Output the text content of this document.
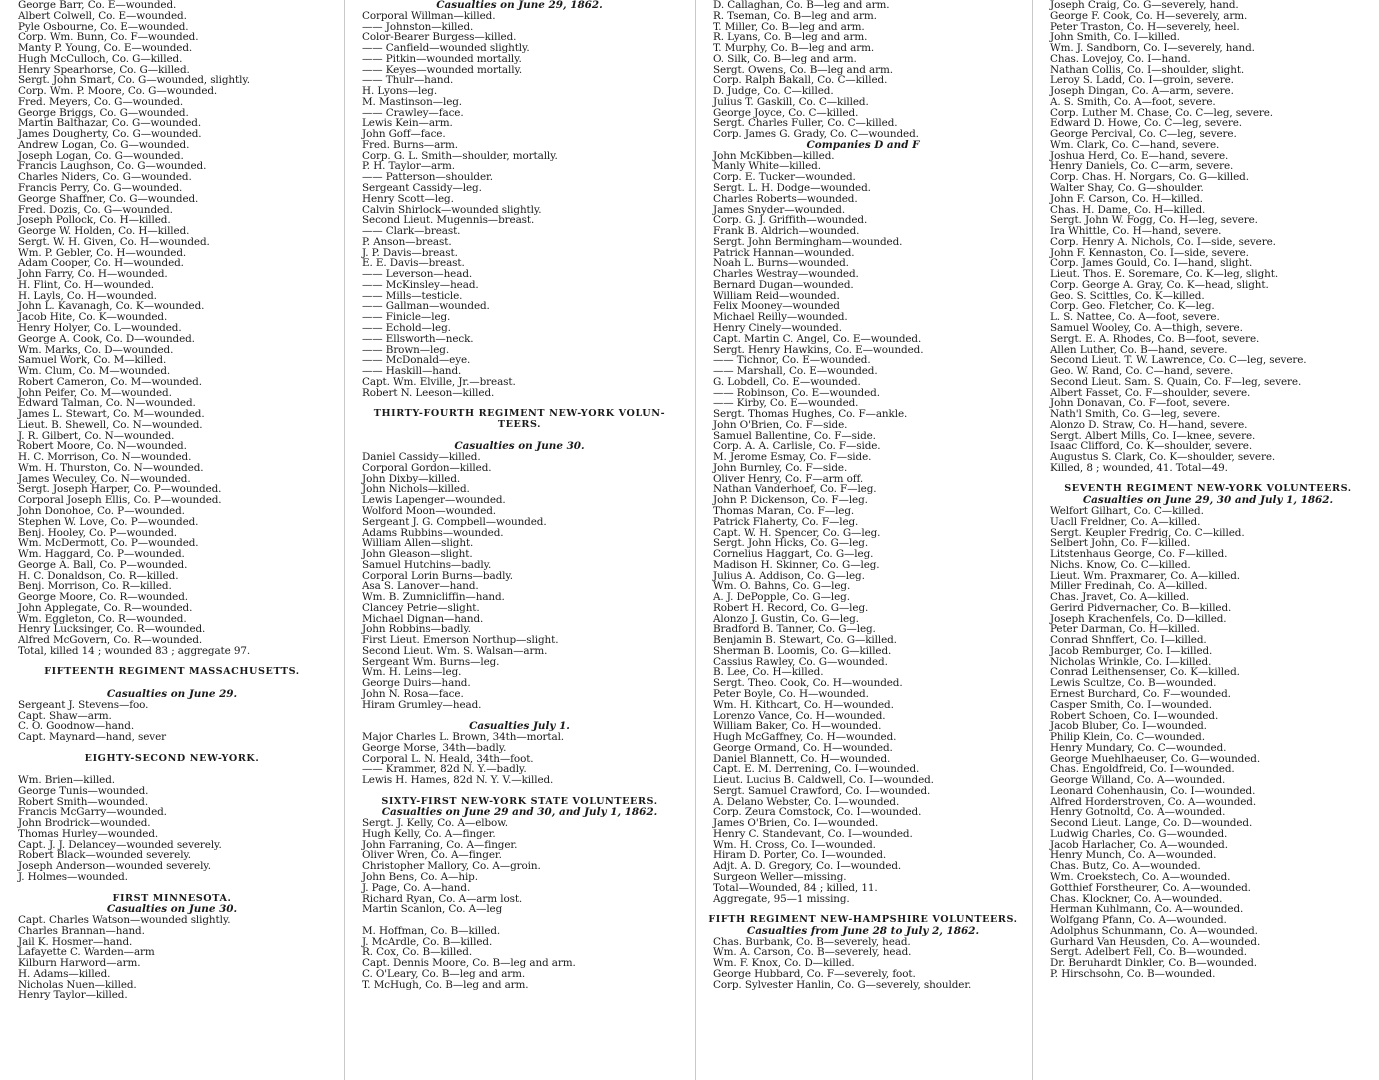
George Barr, Co. E—wounded.
Albert Colwell, Co. E—wounded.
Pyle Osbourne, Co. E—wounded.
Corp. Wm. Bunn, Co. F—wounded.
Manty P. Young, Co. E—wounded.
Hugh McCulloch, Co. G—killed.
Henry Spearhorse, Co. G—killed.
Sergt. John Smart, Co. G—wounded, slightly.
Corp. Wm. P. Moore, Co. G—wounded.
Fred. Meyers, Co. G—wounded.
George Briggs, Co. G—wounded.
Martin Balthazar, Co. G—wounded.
James Dougherty, Co. G—wounded.
Andrew Logan, Co. G—wounded.
Joseph Logan, Co. G—wounded.
Francis Laughson, Co. G—wounded.
Charles Niders, Co. G—wounded.
Francis Perry, Co. G—wounded.
George Shaffner, Co. G—wounded.
Fred. Dozis, Co. G—wounded.
Joseph Pollock, Co. H—killed.
George W. Holden, Co. H—killed.
Sergt. W. H. Given, Co. H—wounded.
Wm. P. Gebler, Co. H—wounded.
Adam Cooper, Co. H—wounded.
John Farry, Co. H—wounded.
H. Flint, Co. H—wounded.
H. Layls, Co. H—wounded.
John L. Kavanagh, Co. K—wounded.
Jacob Hite, Co. K—wounded.
Henry Holyer, Co. L—wounded.
George A. Cook, Co. D—wounded.
Wm. Marks, Co. D—wounded.
Samuel Work, Co. M—killed.
Wm. Clum, Co. M—wounded.
Robert Cameron, Co. M—wounded.
John Peifer, Co. M—wounded.
Edward Talman, Co. N—wounded.
James L. Stewart, Co. M—wounded.
Lieut. B. Shewell, Co. N—wounded.
J. R. Gilbert, Co. N—wounded.
Robert Moore, Co. N—wounded.
H. C. Morrison, Co. N—wounded.
Wm. H. Thurston, Co. N—wounded.
James Weculey, Co. N—wounded.
Sergt. Joseph Harper, Co. P—wounded.
Corporal Joseph Ellis, Co. P—wounded.
John Donohoe, Co. P—wounded.
Stephen W. Love, Co. P—wounded.
Benj. Hooley, Co. P—wounded.
Wm. McDermott, Co. P—wounded.
Wm. Haggard, Co. P—wounded.
George A. Ball, Co. P—wounded.
H. C. Donaldson, Co. R—killed.
Benj. Morrison, Co. R—killed.
George Moore, Co. R—wounded.
John Applegate, Co. R—wounded.
Wm. Eggleton, Co. R—wounded.
Henry Lucksinger, Co. R—wounded.
Alfred McGovern, Co. R—wounded.
Total, killed 14 ; wounded 83 ; aggregate 97.
FIFTEENTH REGIMENT MASSACHUSETTS.
Casualties on June 29.
Sergeant J. Stevens—foo.
Capt. Shaw—arm.
C. O. Goodnow—hand.
Capt. Maynard—hand, sever
EIGHTY-SECOND NEW-YORK.
Wm. Brien—killed.
George Tunis—wounded.
Robert Smith—wounded.
Francis McGarry—wounded.
John Brodrick—wounded.
Thomas Hurley—wounded.
Capt. J. J. Delancey—wounded severely.
Robert Black—wounded severely.
Joseph Anderson—wounded severely.
J. Holmes—wounded.
FIRST MINNESOTA.
Casualties on June 30.
Capt. Charles Watson—wounded slightly.
Charles Brannan—hand.
Jail K. Hosmer—hand.
Lafayette C. Warden—arm
Kilburn Harword—arm.
H. Adams—killed.
Nicholas Nuen—killed.
Henry Taylor—killed.
Casualties on June 29, 1862.
Corporal Willman—killed.
—— Johnston—killed.
Color-Bearer Burgess—killed.
—— Canfield—wounded slightly.
—— Pitkin—wounded mortally.
—— Keyes—wounded mortally.
—— Thulr—hand.
H. Lyons—leg.
M. Mastinson—leg.
—— Crawley—face.
Lewis Kein—arm.
John Goff—face.
Fred. Burns—arm.
Corp. G. L. Smith—shoulder, mortally.
P. H. Taylor—arm.
—— Patterson—shoulder.
Sergeant Cassidy—leg.
Henry Scott—leg.
Calvin Shirlock—wounded slightly.
Second Lieut. Mugennis—breast.
—— Clark—breast.
P. Anson—breast.
J. P. Davis—breast.
E. E. Davis—breast.
—— Leverson—head.
—— McKinsley—head.
—— Mills—testicle.
—— Gallman—wounded.
—— Finicle—leg.
—— Echold—leg.
—— Ellsworth—neck.
—— Brown—leg.
—— McDonald—eye.
—— Haskill—hand.
Capt. Wm. Elville, Jr.—breast.
Robert N. Leeson—killed.
THIRTY-FOURTH REGIMENT NEW-YORK VOLUN-
TEERS.
Casualties on June 30.
Daniel Cassidy—killed.
Corporal Gordon—killed.
John Dixby—killed.
John Nichols—killed.
Lewis Lapenger—wounded.
Wolford Moon—wounded.
Sergeant J. G. Compbell—wounded.
Adams Rubbins—wounded.
William Allen—slight.
John Gleason—slight.
Samuel Hutchins—badly.
Corporal Lorin Burns—badly.
Asa S. Lanover—hand.
Wm. B. Zumnicliffin—hand.
Clancey Petrie—slight.
Michael Dignan—hand.
John Robbins—badly.
First Lieut. Emerson Northup—slight.
Second Lieut. Wm. S. Walsan—arm.
Sergeant Wm. Burns—leg.
Wm. H. Leins—leg.
George Duirs—hand.
John N. Rosa—face.
Hiram Grumley—head.
Casualties July 1.
Major Charles L. Brown, 34th—mortal.
George Morse, 34th—badly.
Corporal L. N. Heald, 34th—foot.
—— Krammer, 82d N. Y.—badly.
Lewis H. Hames, 82d N. Y. V.—killed.
SIXTY-FIRST NEW-YORK STATE VOLUNTEERS.
Casualties on June 29 and 30, and July 1, 1862.
Sergt. J. Kelly, Co. A—elbow.
Hugh Kelly, Co. A—finger.
John Farraning, Co. A—finger.
Oliver Wren, Co. A—finger.
Christopher Mallory, Co. A—groin.
John Bens, Co. A—hip.
J. Page, Co. A—hand.
Richard Ryan, Co. A—arm lost.
Martin Scanlon, Co. A—leg
M. Hoffman, Co. B—killed.
J. McArdle, Co. B—killed.
R. Cox, Co. B—killed.
Capt. Dennis Moore, Co. B—leg and arm.
C. O'Leary, Co. B—leg and arm.
T. McHugh, Co. B—leg and arm.
D. Callaghan, Co. B—leg and arm.
R. Tseman, Co. B—leg and arm.
T. Miller, Co. B—leg and arm.
R. Lyans, Co. B—leg and arm.
T. Murphy, Co. B—leg and arm.
O. Silk, Co. B—leg and arm.
Sergt. Owens, Co. B—leg and arm.
Corp. Ralph Bakall, Co. C—killed.
D. Judge, Co. C—killed.
Julius T. Gaskill, Co. C—killed.
George Joyce, Co. C—killed.
Sergt. Charles Fuller, Co. C—killed.
Corp. James G. Grady, Co. C—wounded.
Companies D and F
John McKibben—killed.
Manly White—killed.
Corp. E. Tucker—wounded.
Sergt. L. H. Dodge—wounded.
Charles Roberts—wounded.
James Snyder—wounded.
Corp. G. J. Griffith—wounded.
Frank B. Aldrich—wounded.
Sergt. John Bermingham—wounded.
Patrick Hannan—wounded.
Noah L. Burns—wounded.
Charles Westray—wounded.
Bernard Dugan—wounded.
William Reid—wounded.
Felix Mooney—wounded
Michael Reilly—wounded.
Henry Cinely—wounded.
Capt. Martin C. Angel, Co. E—wounded.
Sergt. Henry Hawkins, Co. E—wounded.
—— Tichnor, Co. E—wounded.
—— Marshall, Co. E—wounded.
G. Lobdell, Co. E—wounded.
—— Robinson, Co. E—wounded.
—— Kirby, Co. E—wounded.
Sergt. Thomas Hughes, Co. F—ankle.
John O'Brien, Co. F—side.
Samuel Ballentine, Co. F—side.
Corp. A. A. Carlisle, Co. F—side.
M. Jerome Esmay, Co. F—side.
John Burnley, Co. F—side.
Oliver Henry, Co. F—arm off.
Nathan Vanderhoef, Co. F—leg.
John P. Dickenson, Co. F—leg.
Thomas Maran, Co. F—leg.
Patrick Flaherty, Co. F—leg.
Capt. W. H. Spencer, Co. G—leg.
Sergt. John Hicks, Co. G—leg.
Cornelius Haggart, Co. G—leg.
Madison H. Skinner, Co. G—leg.
Julius A. Addison, Co. G—leg.
Wm. O. Bahns, Co. G—leg.
A. J. DePopple, Co. G—leg.
Robert H. Record, Co. G—leg.
Alonzo J. Gustin, Co. G—leg.
Bradford B. Tanner, Co. G—leg.
Benjamin B. Stewart, Co. G—killed.
Sherman B. Loomis, Co. G—killed.
Cassius Rawley, Co. G—wounded.
B. Lee, Co. H—killed.
Sergt. Theo. Cook, Co. H—wounded.
Peter Boyle, Co. H—wounded.
Wm. H. Kithcart, Co. H—wounded.
Lorenzo Vance, Co. H—wounded.
William Baker, Co. H—wounded.
Hugh McGaffney, Co. H—wounded.
George Ormand, Co. H—wounded.
Daniel Blannett, Co. H—wounded.
Capt. E. M. Derrening, Co. I—wounded.
Lieut. Lucius B. Caldwell, Co. I—wounded.
Sergt. Samuel Crawford, Co. I—wounded.
A. Delano Webster, Co. I—wounded.
Corp. Zeura Comstock, Co. I—wounded.
James O'Brien, Co. I—wounded.
Henry C. Standevant, Co. I—wounded.
Wm. H. Cross, Co. I—wounded.
Hiram D. Porter, Co. I—wounded.
Adjt. A. D. Gregory, Co. I—wounded.
Surgeon Weller—missing.
Total—Wounded, 84 ; killed, 11.
Aggregate, 95—1 missing.
FIFTH REGIMENT NEW-HAMPSHIRE VOLUNTEERS.
Casualties from June 28 to July 2, 1862.
Chas. Burbank, Co. B—severely, head.
Wm. A. Carson, Co. B—severely, head.
Wm. F. Knox, Co. D—killed.
George Hubbard, Co. F—severely, foot.
Corp. Sylvester Hanlin, Co. G—severely, shoulder.
Joseph Craig, Co. G—severely, hand.
George F. Cook, Co. H—severely, arm.
Peter Traston, Co. H—severely, heel.
John Smith, Co. I—killed.
Wm. J. Sandborn, Co. I—severely, hand.
Chas. Lovejoy, Co. I—hand.
Nathan Collis, Co. I—shoulder, slight.
Leroy S. Ladd, Co. I—groin, severe.
Joseph Dingan, Co. A—arm, severe.
A. S. Smith, Co. A—foot, severe.
Corp. Luther M. Chase, Co. C—leg, severe.
Edward D. Howe, Co. C—leg, severe.
George Percival, Co. C—leg, severe.
Wm. Clark, Co. C—hand, severe.
Joshua Herd, Co. E—hand, severe.
Henry Daniels, Co. C—arm, severe.
Corp. Chas. H. Norgars, Co. G—killed.
Walter Shay, Co. G—shoulder.
John F. Carson, Co. H—killed.
Chas. H. Dame, Co. H—killed.
Sergt. John W. Fogg, Co. H—leg, severe.
Ira Whittle, Co. H—hand, severe.
Corp. Henry A. Nichols, Co. I—side, severe.
John F. Kennaston, Co. I—side, severe.
Corp. James Gould, Co. I—hand, slight.
Lieut. Thos. E. Soremare, Co. K—leg, slight.
Corp. George A. Gray, Co. K—head, slight.
Geo. S. Scittles, Co. K—killed.
Corp. Geo. Fletcher, Co. K—leg.
L. S. Nattee, Co. A—foot, severe.
Samuel Wooley, Co. A—thigh, severe.
Sergt. E. A. Rhodes, Co. B—foot, severe.
Allen Luther, Co. B—hand, severe.
Second Lieut. T. W. Lawrence, Co. C—leg, severe.
Geo. W. Rand, Co. C—hand, severe.
Second Lieut. Sam. S. Quain, Co. F—leg, severe.
Albert Fasset, Co. F—shoulder, severe.
John Donavan, Co. F—foot, severe.
Nath'l Smith, Co. G—leg, severe.
Alonzo D. Straw, Co. H—hand, severe.
Sergt. Albert Mills, Co. I—knee, severe.
Isaac Clifford, Co. K—shoulder, severe.
Augustus S. Clark, Co. K—shoulder, severe.
Killed, 8 ; wounded, 41. Total—49.
SEVENTH REGIMENT NEW-YORK VOLUNTEERS.
Casualties on June 29, 30 and July 1, 1862.
Welfort Gilhart, Co. C—killed.
Uacll Freldner, Co. A—killed.
Sergt. Keupler Fredrig, Co. C—killed.
Selbert John, Co. F—killed.
Litstenhaus George, Co. F—killed.
Nichs. Know, Co. C—killed.
Lieut. Wm. Praxmarer, Co. A—killed.
Miller Fredinah, Co. A—killed.
Chas. Jravet, Co. A—killed.
Gerird Pidvernacher, Co. B—killed.
Joseph Krachenfels, Co. D—killed.
Peter Darman, Co. H—killed.
Conrad Shnffert, Co. I—killed.
Jacob Remburger, Co. I—killed.
Nicholas Wrinkle, Co. I—killed.
Conrad Leithensenser, Co. K—killed.
Lewis Scultze, Co. B—wounded.
Ernest Burchard, Co. F—wounded.
Casper Smith, Co. I—wounded.
Robert Schoen, Co. I—wounded.
Jacob Bluber, Co. I—wounded.
Philip Klein, Co. C—wounded.
Henry Mundary, Co. C—wounded.
George Muehlhaeuser, Co. G—wounded.
Chas. Engoldfreid, Co. I—wounded.
George Willand, Co. A—wounded.
Leonard Cohenhausin, Co. I—wounded.
Alfred Horderstroven, Co. A—wounded.
Henry Gotnoltd, Co. A—wounded.
Second Lieut. Lange, Co. D—wounded.
Ludwig Charles, Co. G—wounded.
Jacob Harlacher, Co. A—wounded.
Henry Munch, Co. A—wounded.
Chas. Butz, Co. A—wounded.
Wm. Croekstech, Co. A—wounded.
Gotthief Forstheurer, Co. A—wounded.
Chas. Klockner, Co. A—wounded.
Herman Kuhlmann, Co. A—wounded.
Wolfgang Pfann, Co. A—wounded.
Adolphus Schunmann, Co. A—wounded.
Gurhard Van Heusden, Co. A—wounded.
Sergt. Adelbert Fell, Co. B—wounded.
Dr. Beruhardt Dinkler, Co. B—wounded.
P. Hirschsohn, Co. B—wounded.
